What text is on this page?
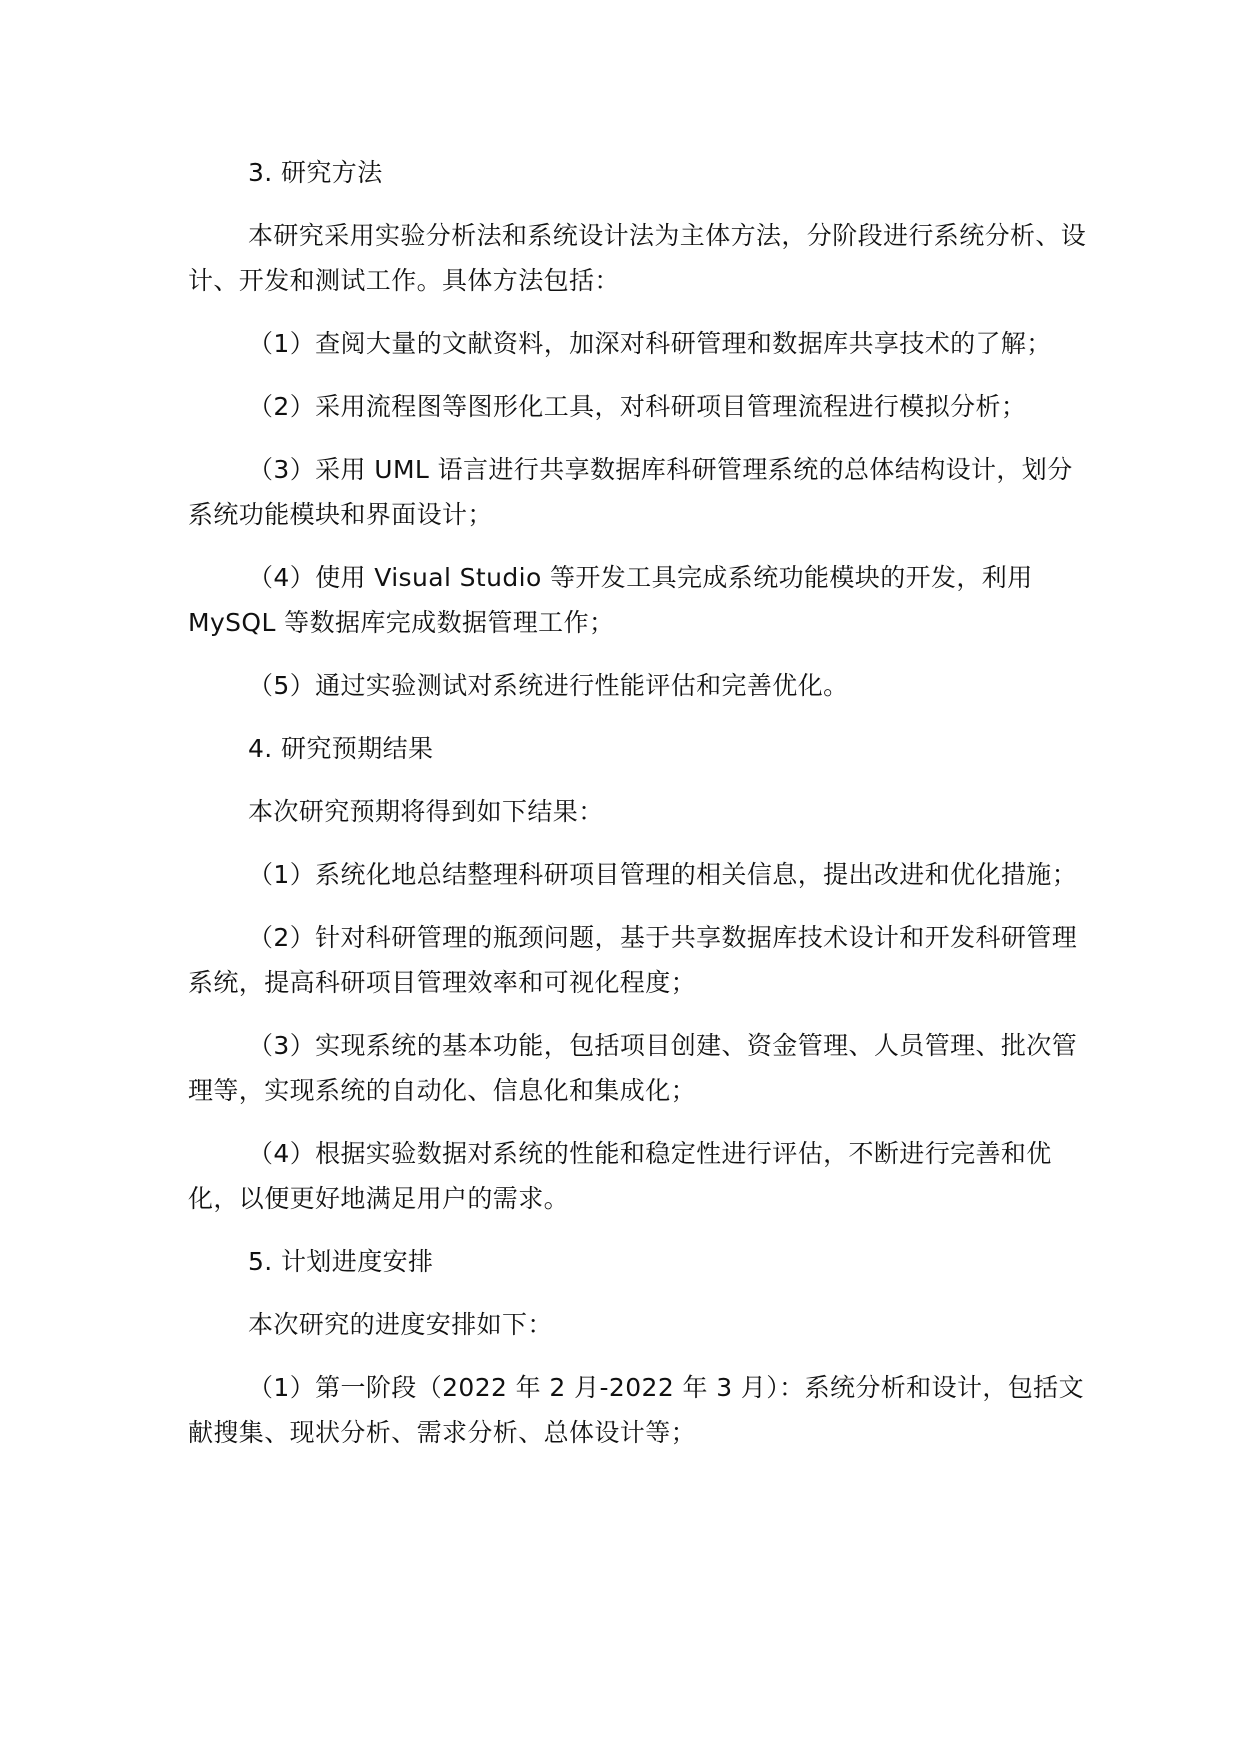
3. 研究方法

本研究采用实验分析法和系统设计法为主体方法，分阶段进行系统分析、设计、开发和测试工作。具体方法包括：

（1）查阅大量的文献资料，加深对科研管理和数据库共享技术的了解；

（2）采用流程图等图形化工具，对科研项目管理流程进行模拟分析；

（3）采用 UML 语言进行共享数据库科研管理系统的总体结构设计，划分系统功能模块和界面设计；

（4）使用 Visual Studio 等开发工具完成系统功能模块的开发，利用 MySQL 等数据库完成数据管理工作；

（5）通过实验测试对系统进行性能评估和完善优化。

4. 研究预期结果

本次研究预期将得到如下结果：

（1）系统化地总结整理科研项目管理的相关信息，提出改进和优化措施；

（2）针对科研管理的瓶颈问题，基于共享数据库技术设计和开发科研管理系统，提高科研项目管理效率和可视化程度；

（3）实现系统的基本功能，包括项目创建、资金管理、人员管理、批次管理等，实现系统的自动化、信息化和集成化；

（4）根据实验数据对系统的性能和稳定性进行评估，不断进行完善和优化，以便更好地满足用户的需求。

5. 计划进度安排

本次研究的进度安排如下：

（1）第一阶段（2022 年 2 月-2022 年 3 月）：系统分析和设计，包括文献搜集、现状分析、需求分析、总体设计等；
